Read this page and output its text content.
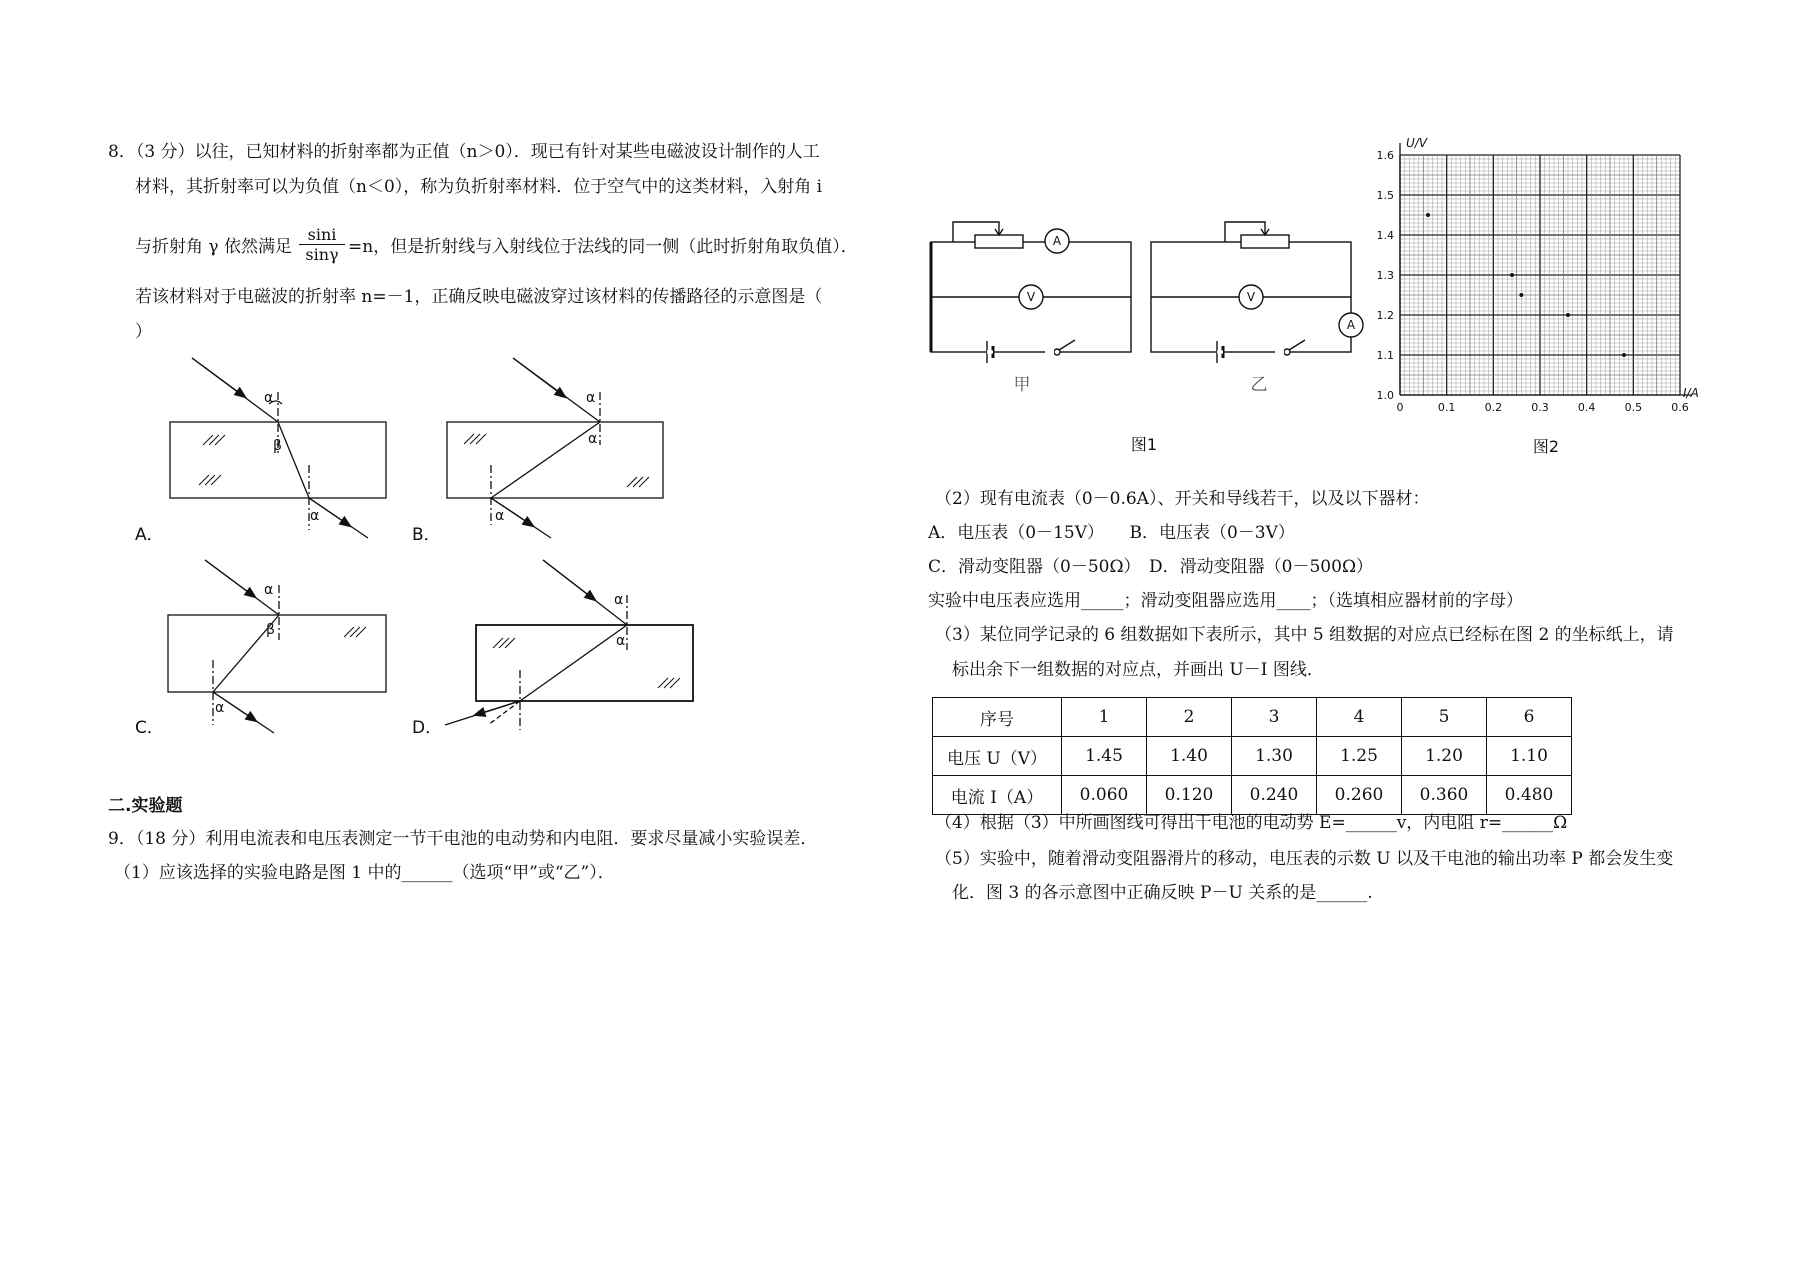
8．（3 分）以往，已知材料的折射率都为正值（n＞0）．现已有针对某些电磁波设计制作的人工
材料，其折射率可以为负值（n＜0），称为负折射率材料．位于空气中的这类材料，入射角 i
与折射角 γ 依然满足 $\frac{\sin i}{\sin\gamma} =n$，但是折射线与入射线位于法线的同一侧（此时折射角取负值）．
若该材料对于电磁波的折射率 n=－1，正确反映电磁波穿过该材料的传播路径的示意图是（
）
α
β
α
α
α
α
α
β
α
α
α
A．	B．
C．	D．
二.实验题
9．（18 分）利用电流表和电压表测定一节干电池的电动势和内电阻．要求尽量减小实验误差．
（1）应该选择的实验电路是图 1 中的______（选项“甲”或“乙”）．
A
V	V
A
甲	乙
图1
1.0
1.1
1.2
1.3
1.4
1.5
1.6
0	0.1	0.2	0.3	0.4	0.5	0.6
U/V
I/A
图2
（2）现有电流表（0－0.6A）、开关和导线若干，以及以下器材：
A．电压表（0－15V）　　B．电压表（0－3V）
C．滑动变阻器（0－50Ω）　D．滑动变阻器（0－500Ω）
实验中电压表应选用_____；滑动变阻器应选用____；（选填相应器材前的字母）
（3）某位同学记录的 6 组数据如下表所示，其中 5 组数据的对应点已经标在图 2 的坐标纸上，请
标出余下一组数据的对应点，并画出 U－I 图线．
序号	1	2	3	4	5	6
电压 U（V）	1.45	1.40	1.30	1.25	1.20	1.10
电流 I（A）	0.060	0.120	0.240	0.260	0.360	0.480
（4）根据（3）中所画图线可得出干电池的电动势 E=______v，内电阻 r=______Ω
（5）实验中，随着滑动变阻器滑片的移动，电压表的示数 U 以及干电池的输出功率 P 都会发生变
化．图 3 的各示意图中正确反映 P－U 关系的是______.
